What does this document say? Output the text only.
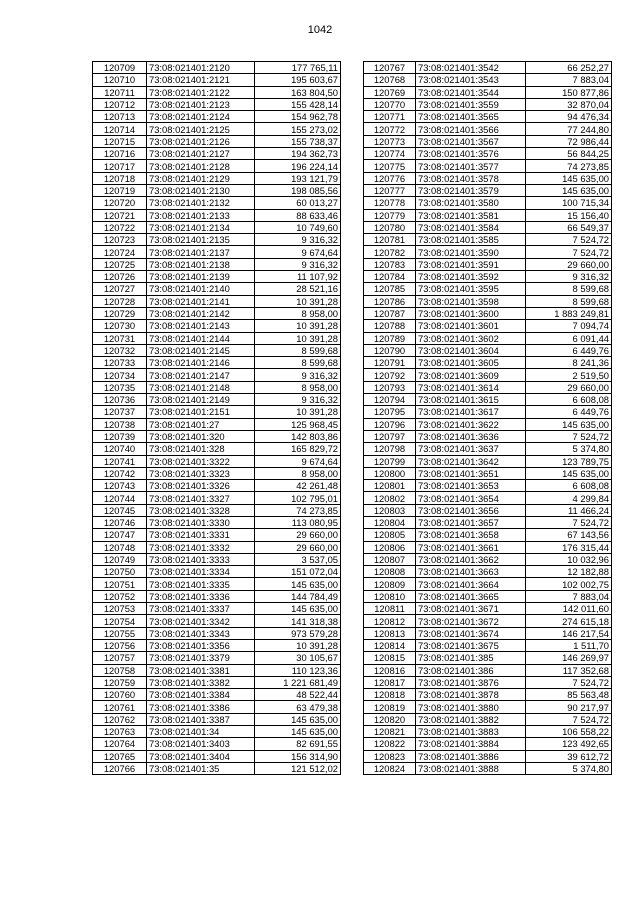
1042
120709	73:08:021401:2120	177 765,11
120710	73:08:021401:2121	195 603,67
120711	73:08:021401:2122	163 804,50
120712	73:08:021401:2123	155 428,14
120713	73:08:021401:2124	154 962,78
120714	73:08:021401:2125	155 273,02
120715	73:08:021401:2126	155 738,37
120716	73:08:021401:2127	194 362,73
120717	73:08:021401:2128	196 224,14
120718	73:08:021401:2129	193 121,79
120719	73:08:021401:2130	198 085,56
120720	73:08:021401:2132	60 013,27
120721	73:08:021401:2133	88 633,46
120722	73:08:021401:2134	10 749,60
120723	73:08:021401:2135	9 316,32
120724	73:08:021401:2137	9 674,64
120725	73:08:021401:2138	9 316,32
120726	73:08:021401:2139	11 107,92
120727	73:08:021401:2140	28 521,16
120728	73:08:021401:2141	10 391,28
120729	73:08:021401:2142	8 958,00
120730	73:08:021401:2143	10 391,28
120731	73:08:021401:2144	10 391,28
120732	73:08:021401:2145	8 599,68
120733	73:08:021401:2146	8 599,68
120734	73:08:021401:2147	9 316,32
120735	73:08:021401:2148	8 958,00
120736	73:08:021401:2149	9 316,32
120737	73:08:021401:2151	10 391,28
120738	73:08:021401:27	125 968,45
120739	73:08:021401:320	142 803,86
120740	73:08:021401:328	165 829,72
120741	73:08:021401:3322	9 674,64
120742	73:08:021401:3323	8 958,00
120743	73:08:021401:3326	42 261,48
120744	73:08:021401:3327	102 795,01
120745	73:08:021401:3328	74 273,85
120746	73:08:021401:3330	113 080,95
120747	73:08:021401:3331	29 660,00
120748	73:08:021401:3332	29 660,00
120749	73:08:021401:3333	3 537,05
120750	73:08:021401:3334	151 072,04
120751	73:08:021401:3335	145 635,00
120752	73:08:021401:3336	144 784,49
120753	73:08:021401:3337	145 635,00
120754	73:08:021401:3342	141 318,38
120755	73:08:021401:3343	973 579,28
120756	73:08:021401:3356	10 391,28
120757	73:08:021401:3379	30 105,67
120758	73:08:021401:3381	110 123,36
120759	73:08:021401:3382	1 221 681,49
120760	73:08:021401:3384	48 522,44
120761	73:08:021401:3386	63 479,38
120762	73:08:021401:3387	145 635,00
120763	73:08:021401:34	145 635,00
120764	73:08:021401:3403	82 691,55
120765	73:08:021401:3404	156 314,90
120766	73:08:021401:35	121 512,02
120767	73:08:021401:3542	66 252,27
120768	73:08:021401:3543	7 883,04
120769	73:08:021401:3544	150 877,86
120770	73:08:021401:3559	32 870,04
120771	73:08:021401:3565	94 476,34
120772	73:08:021401:3566	77 244,80
120773	73:08:021401:3567	72 986,44
120774	73:08:021401:3576	56 844,25
120775	73:08:021401:3577	74 273,85
120776	73:08:021401:3578	145 635,00
120777	73:08:021401:3579	145 635,00
120778	73:08:021401:3580	100 715,34
120779	73:08:021401:3581	15 156,40
120780	73:08:021401:3584	66 549,37
120781	73:08:021401:3585	7 524,72
120782	73:08:021401:3590	7 524,72
120783	73:08:021401:3591	29 660,00
120784	73:08:021401:3592	9 316,32
120785	73:08:021401:3595	8 599,68
120786	73:08:021401:3598	8 599,68
120787	73:08:021401:3600	1 883 249,81
120788	73:08:021401:3601	7 094,74
120789	73:08:021401:3602	6 091,44
120790	73:08:021401:3604	6 449,76
120791	73:08:021401:3605	8 241,36
120792	73:08:021401:3609	2 519,50
120793	73:08:021401:3614	29 660,00
120794	73:08:021401:3615	6 608,08
120795	73:08:021401:3617	6 449,76
120796	73:08:021401:3622	145 635,00
120797	73:08:021401:3636	7 524,72
120798	73:08:021401:3637	5 374,80
120799	73:08:021401:3642	123 789,75
120800	73:08:021401:3651	145 635,00
120801	73:08:021401:3653	6 608,08
120802	73:08:021401:3654	4 299,84
120803	73:08:021401:3656	11 466,24
120804	73:08:021401:3657	7 524,72
120805	73:08:021401:3658	67 143,56
120806	73:08:021401:3661	176 315,44
120807	73:08:021401:3662	10 032,96
120808	73:08:021401:3663	12 182,88
120809	73:08:021401:3664	102 002,75
120810	73:08:021401:3665	7 883,04
120811	73:08:021401:3671	142 011,60
120812	73:08:021401:3672	274 615,18
120813	73:08:021401:3674	146 217,54
120814	73:08:021401:3675	1 511,70
120815	73:08:021401:385	146 269,97
120816	73:08:021401:386	117 352,68
120817	73:08:021401:3876	7 524,72
120818	73:08:021401:3878	85 563,48
120819	73:08:021401:3880	90 217,97
120820	73:08:021401:3882	7 524,72
120821	73:08:021401:3883	106 558,22
120822	73:08:021401:3884	123 492,65
120823	73:08:021401:3886	39 612,72
120824	73:08:021401:3888	5 374,80
